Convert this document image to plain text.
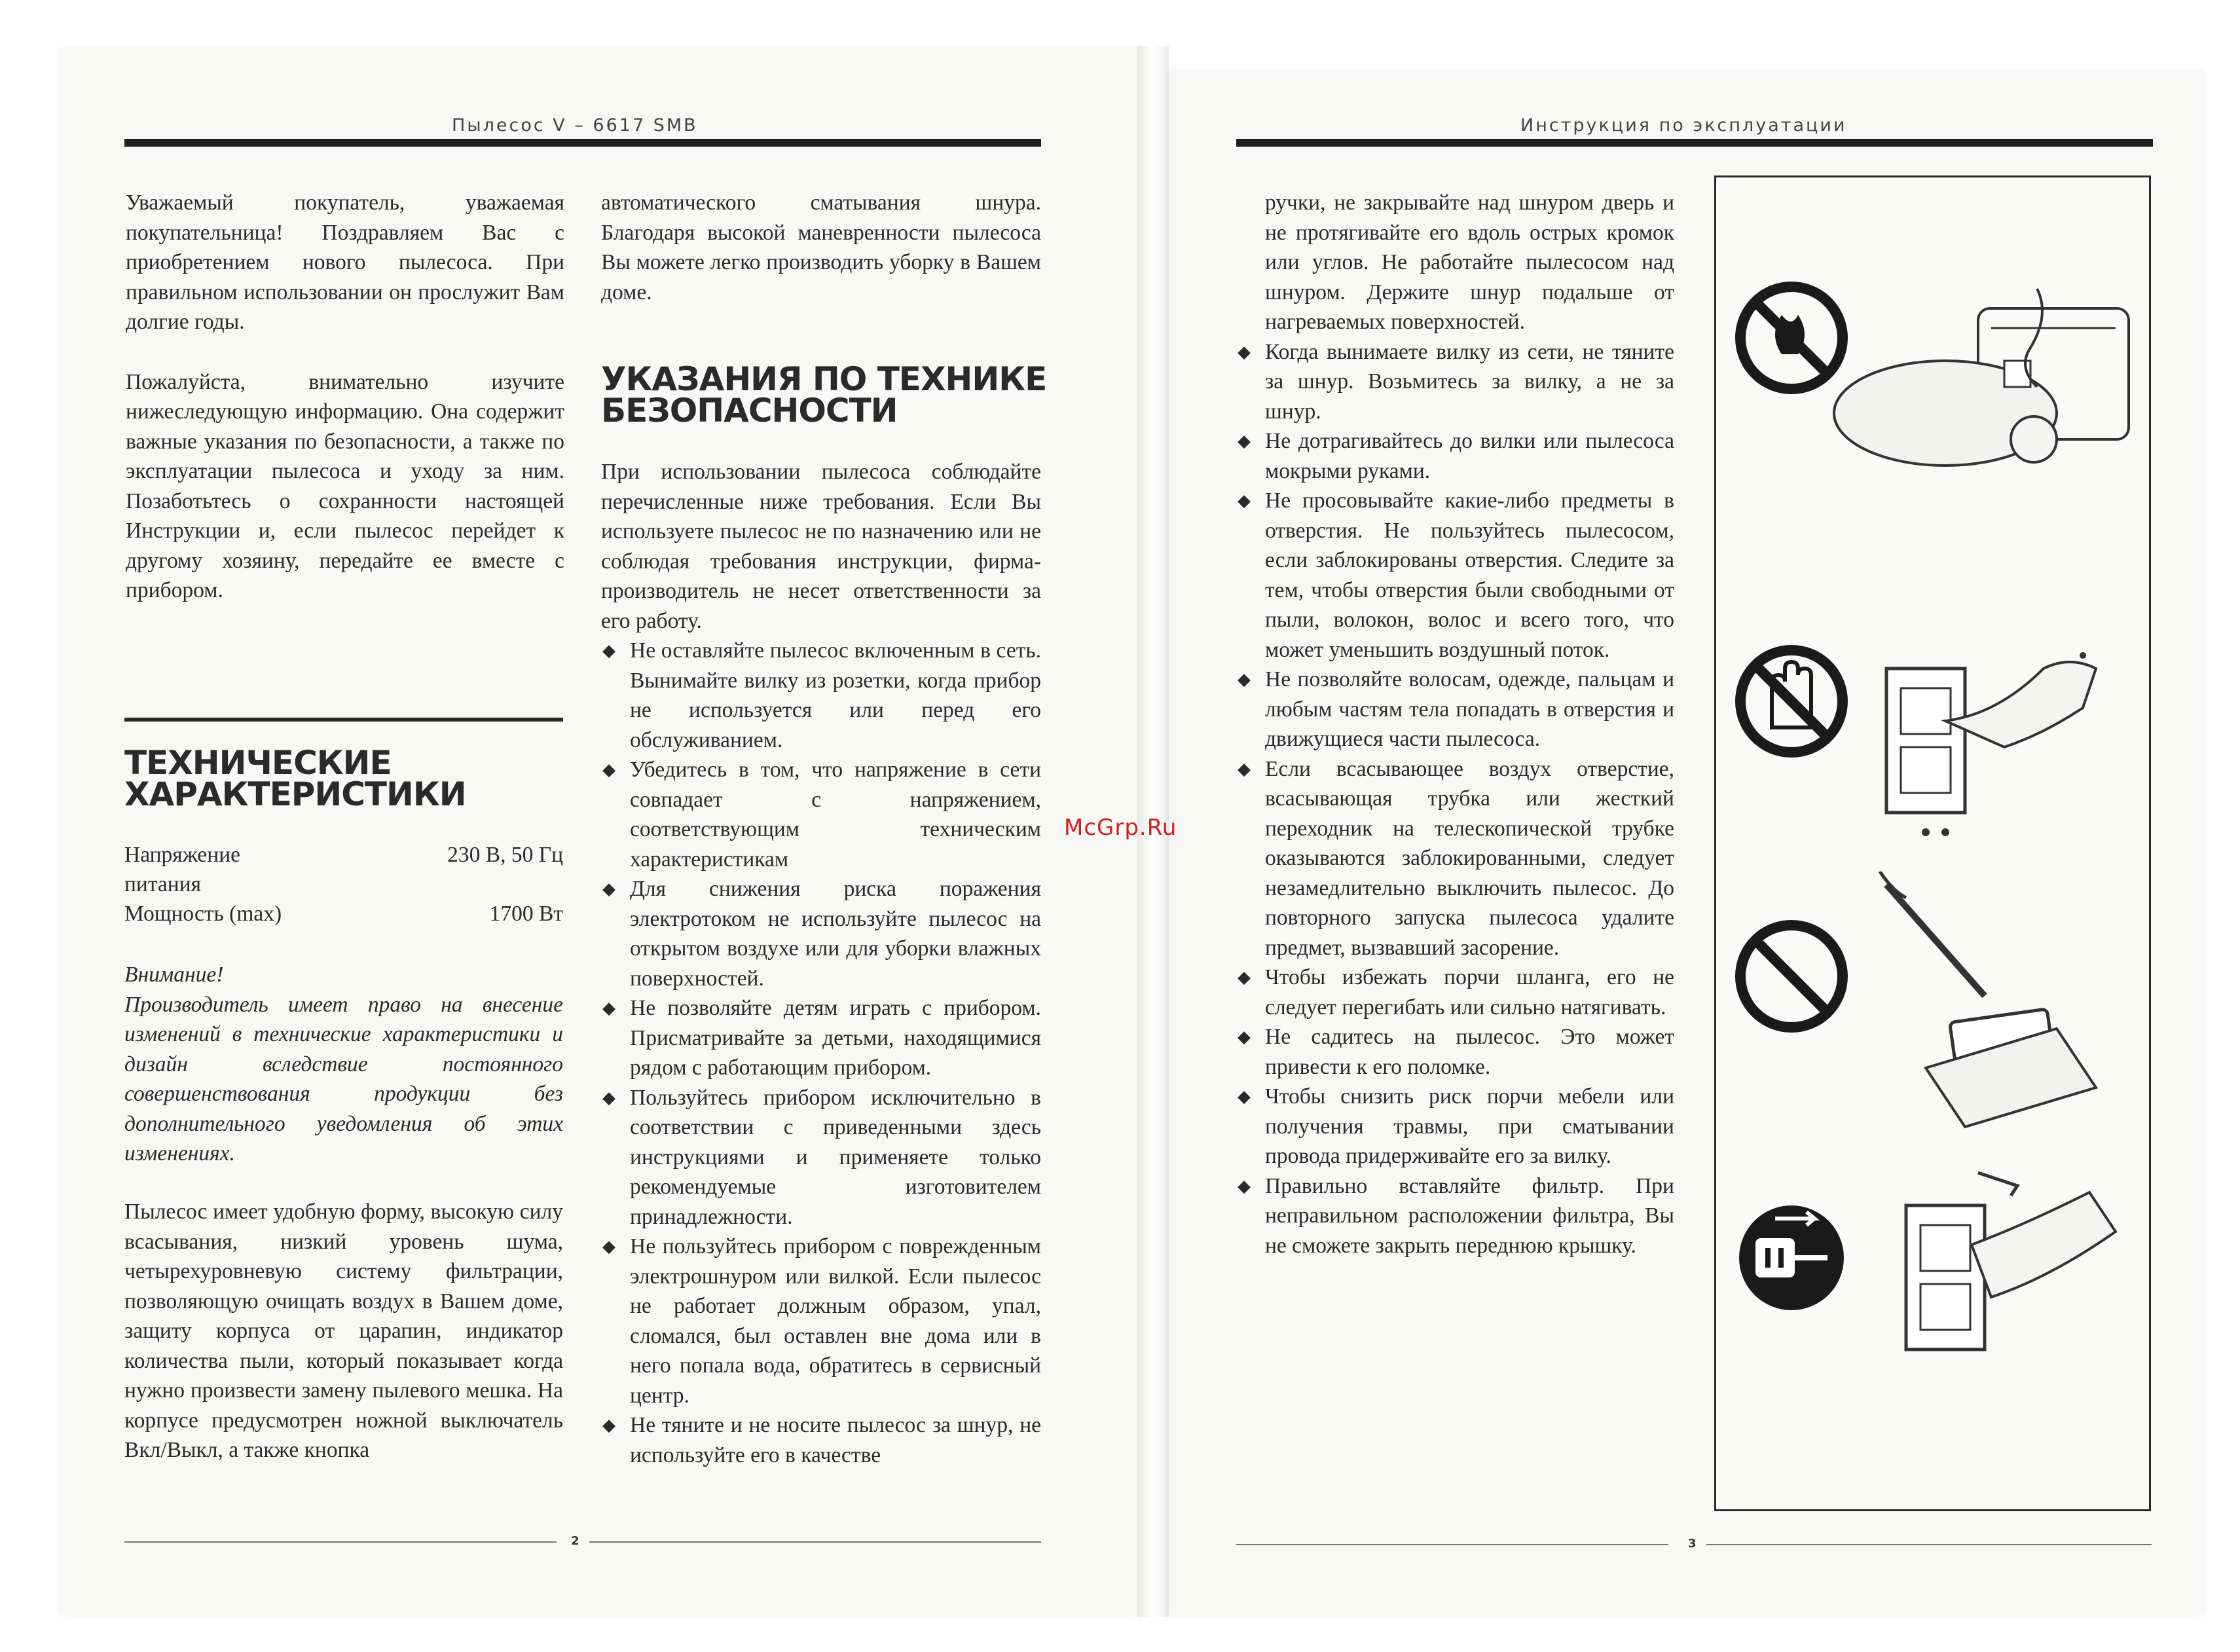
Пылесос V – 6617 SMB

Уважаемый покупатель, уважаемая покупательница! Поздравляем Вас с приобретением нового пылесоса. При правильном использовании он прослужит Вам долгие годы.

Пожалуйста, внимательно изучите нижеследующую информацию. Она содержит важные указания по безопасности, а также по эксплуатации пылесоса и уходу за ним. Позаботьтесь о сохранности настоящей Инструкции и, если пылесос перейдет к другому хозяину, передайте ее вместе с прибором.

ТЕХНИЧЕСКИЕ
ХАРАКТЕРИСТИКИ
Напряжение питания
230 В, 50 Гц
Мощность (max)	1700 Вт
Внимание!
Производитель имеет право на внесение изменений в технические характеристики и дизайн вследствие постоянного совершенствования продукции без дополнительного уведомления об этих изменениях.

Пылесос имеет удобную форму, высокую силу всасывания, низкий уровень шума, четырехуровневую систему фильтрации, позволяющую очищать воздух в Вашем доме, защиту корпуса от царапин, индикатор количества пыли, который показывает когда нужно произвести замену пылевого мешка. На корпусе предусмотрен ножной выключатель Вкл/Выкл, а также кнопка

автоматического сматывания шнура. Благодаря высокой маневренности пылесоса Вы можете легко производить уборку в Вашем доме.

УКАЗАНИЯ ПО ТЕХНИКЕ
БЕЗОПАСНОСТИ

При использовании пылесоса соблюдайте перечисленные ниже требования. Если Вы используете пылесос не по назначению или не соблюдая требования инструкции, фирма-производитель не несет ответственности за его работу.

◆ Не оставляйте пылесос включенным в сеть. Вынимайте вилку из розетки, когда прибор не используется или перед его обслуживанием.
◆ Убедитесь в том, что напряжение в сети совпадает с напряжением, соответствующим техническим характеристикам
◆ Для снижения риска поражения электротоком не используйте пылесос на открытом воздухе или для уборки влажных поверхностей.
◆ Не позволяйте детям играть с прибором. Присматривайте за детьми, находящимися рядом с работающим прибором.
◆ Пользуйтесь прибором исключительно в соответствии с приведенными здесь инструкциями и применяете только рекомендуемые изготовителем принадлежности.
◆ Не пользуйтесь прибором с поврежденным электрошнуром или вилкой. Если пылесос не работает должным образом, упал, сломался, был оставлен вне дома или в него попала вода, обратитесь в сервисный центр.
◆ Не тяните и не носите пылесос за шнур, не используйте его в качестве
2
McGrp.Ru
Инструкция по эксплуатации

ручки, не закрывайте над шнуром дверь и не протягивайте его вдоль острых кромок или углов. Не работайте пылесосом над шнуром. Держите шнур подальше от нагреваемых поверхностей.

◆ Когда вынимаете вилку из сети, не тяните за шнур. Возьмитесь за вилку, а не за шнур.
◆ Не дотрагивайтесь до вилки или пылесоса мокрыми руками.
◆ Не просовывайте какие-либо предметы в отверстия. Не пользуйтесь пылесосом, если заблокированы отверстия. Следите за тем, чтобы отверстия были свободными от пыли, волокон, волос и всего того, что может уменьшить воздушный поток.
◆ Не позволяйте волосам, одежде, пальцам и любым частям тела попадать в отверстия и движущиеся части пылесоса.
◆ Если всасывающее воздух отверстие, всасывающая трубка или жесткий переходник на телескопической трубке оказываются заблокированными, следует незамедлительно выключить пылесос. До повторного запуска пылесоса удалите предмет, вызвавший засорение.
◆ Чтобы избежать порчи шланга, его не следует перегибать или сильно натягивать.
◆ Не садитесь на пылесос. Это может привести к его поломке.
◆ Чтобы снизить риск порчи мебели или получения травмы, при сматывании провода придерживайте его за вилку.
◆ Правильно вставляйте фильтр. При неправильном расположении фильтра, Вы не сможете закрыть переднюю крышку.
3
